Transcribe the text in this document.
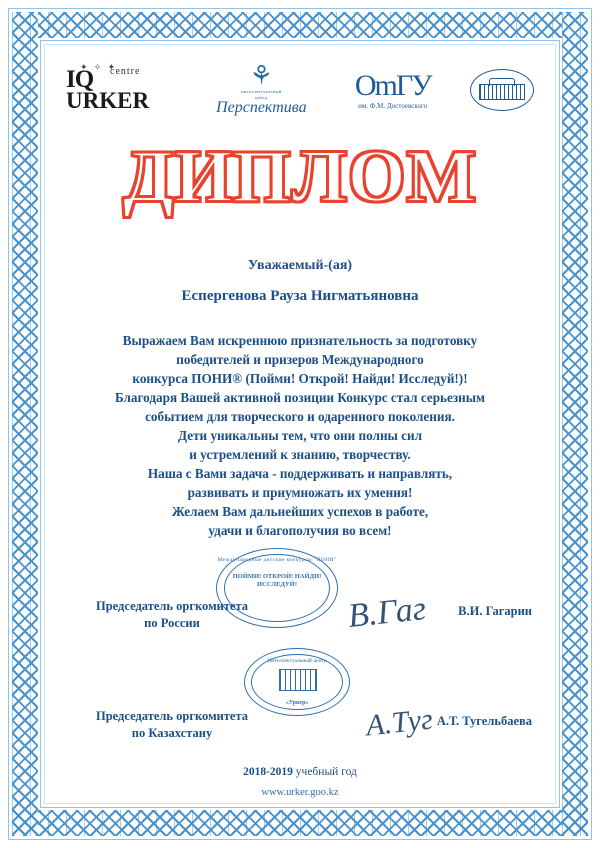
✦ ✧ ✦
IQ	centre
URKER
⚘
интеллектуальный
центр
Перспектива
OmГУ
им. Ф.М. Достоевского
ДИПЛОМ
Уважаемый-(ая)
Еспергенова Рауза Нигматьяновна

Выражаем Вам искреннюю признательность за подготовку

победителей и призеров Международного

конкурса ПОНИ® (Пойми! Открой! Найди! Исследуй!)!

Благодаря Вашей активной позиции Конкурс стал серьезным

событием для творческого и одаренного поколения.

Дети уникальны тем, что они полны сил

и устремлений к знанию, творчеству.

Наша с Вами задача - поддерживать и направлять,

развивать и приумножать их умения!

Желаем Вам дальнейших успехов в работе,

удачи и благополучия во всем!

Международные детские конкурсы "ПОНИ"
ПОЙМИ! ОТКРОЙ! НАЙДИ! ИССЛЕДУЙ!
Интеллектуальный центр
«Уркер»
Председатель оргкомитета
по России	В.Гаг В.И. Гагарин
Председатель оргкомитета
по Казахстану	А.Туг А.Т. Тугельбаева
2018-2019 учебный год
www.urker.goo.kz
